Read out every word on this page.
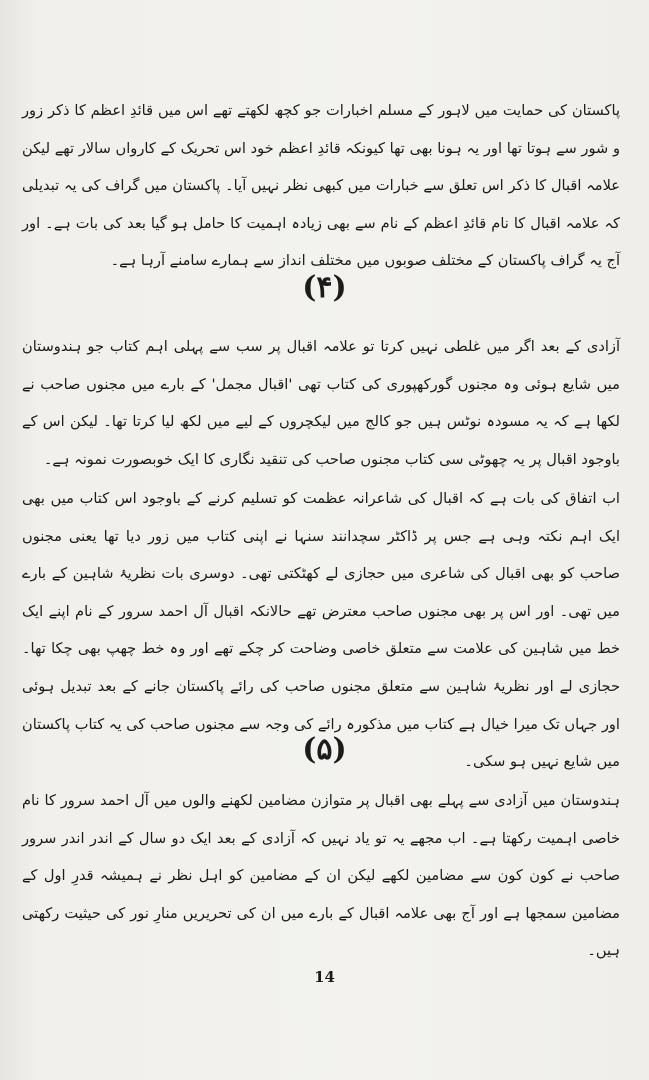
پاکستان کی حمایت میں لاہور کے مسلم اخبارات جو کچھ لکھتے تھے اس میں قائدِ اعظم کا ذکر زور و شور سے ہوتا تھا اور یہ ہونا بھی تھا کیونکہ قائدِ اعظم خود اس تحریک کے کارواں سالار تھے لیکن علامہ اقبال کا ذکر اس تعلق سے خبارات میں کبھی نظر نہیں آیا۔ پاکستان میں گراف کی یہ تبدیلی کہ علامہ اقبال کا نام قائدِ اعظم کے نام سے بھی زیادہ اہمیت کا حامل ہو گیا بعد کی بات ہے۔ اور آج یہ گراف پاکستان کے مختلف صوبوں میں مختلف انداز سے ہمارے سامنے آرہا ہے۔

(۴)

آزادی کے بعد اگر میں غلطی نہیں کرتا تو علامہ اقبال پر سب سے پہلی اہم کتاب جو ہندوستان میں شایع ہوئی وہ مجنوں گورکھپوری کی کتاب تھی 'اقبال مجمل' کے بارے میں مجنوں صاحب نے لکھا ہے کہ یہ مسودہ نوٹس ہیں جو کالج میں لیکچروں کے لیے میں لکھ لیا کرتا تھا۔ لیکن اس کے باوجود اقبال پر یہ چھوٹی سی کتاب مجنوں صاحب کی تنقید نگاری کا ایک خوبصورت نمونہ ہے۔

اب اتفاق کی بات ہے کہ اقبال کی شاعرانہ عظمت کو تسلیم کرنے کے باوجود اس کتاب میں بھی ایک اہم نکتہ وہی ہے جس پر ڈاکٹر سچدانند سنہا نے اپنی کتاب میں زور دیا تھا یعنی مجنوں صاحب کو بھی اقبال کی شاعری میں حجازی لے کھٹکتی تھی۔ دوسری بات نظریۂ شاہین کے بارے میں تھی۔ اور اس پر بھی مجنوں صاحب معترض تھے حالانکہ اقبال آل احمد سرور کے نام اپنے ایک خط میں شاہین کی علامت سے متعلق خاصی وضاحت کر چکے تھے اور وہ خط چھپ بھی چکا تھا۔ حجازی لے اور نظریۂ شاہین سے متعلق مجنوں صاحب کی رائے پاکستان جانے کے بعد تبدیل ہوئی اور جہاں تک میرا خیال ہے کتاب میں مذکورہ رائے کی وجہ سے مجنوں صاحب کی یہ کتاب پاکستان میں شایع نہیں ہو سکی۔

(۵)

ہندوستان میں آزادی سے پہلے بھی اقبال پر متوازن مضامین لکھنے والوں میں آل احمد سرور کا نام خاصی اہمیت رکھتا ہے۔ اب مجھے یہ تو یاد نہیں کہ آزادی کے بعد ایک دو سال کے اندر اندر سرور صاحب نے کون کون سے مضامین لکھے لیکن ان کے مضامین کو اہل نظر نے ہمیشہ قدرِ اول کے مضامین سمجھا ہے اور آج بھی علامہ اقبال کے بارے میں ان کی تحریریں منارِ نور کی حیثیت رکھتی ہیں۔

14
